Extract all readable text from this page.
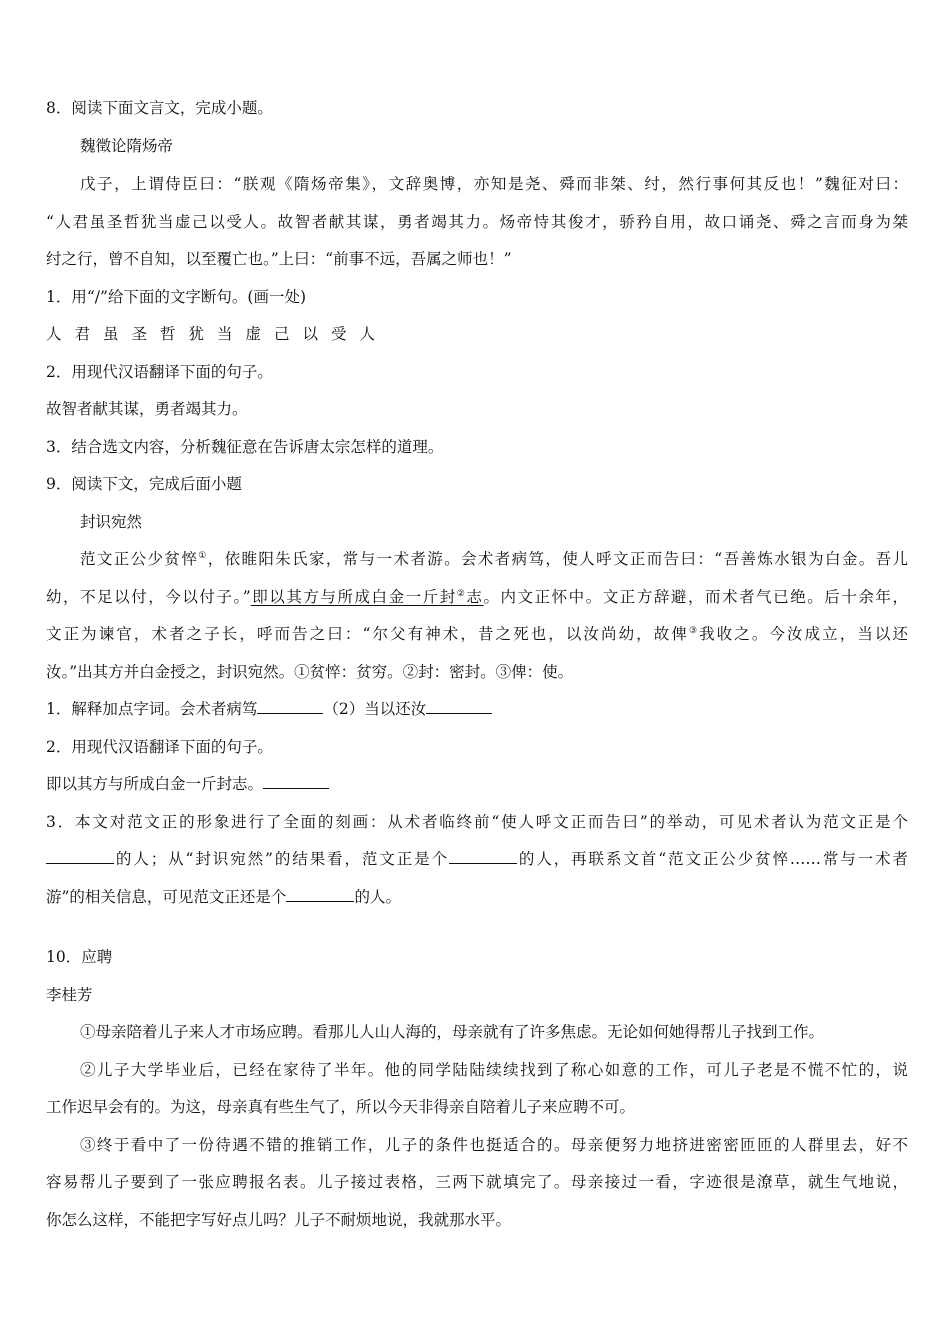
8．阅读下面文言文，完成小题。
魏徵论隋炀帝
戊子，上谓侍臣曰：“朕观《隋炀帝集》，文辞奥博，亦知是尧、舜而非桀、纣，然行事何其反也！”魏征对曰：
“人君虽圣哲犹当虚己以受人。故智者献其谋，勇者竭其力。炀帝恃其俊才，骄矜自用，故口诵尧、舜之言而身为桀
纣之行，曾不自知，以至覆亡也。”上曰：“前事不远，吾属之师也！”
1．用“/”给下面的文字断句。(画一处)
人君虽圣哲犹当虚己以受人
2．用现代汉语翻译下面的句子。
故智者献其谋，勇者竭其力。
3．结合选文内容，分析魏征意在告诉唐太宗怎样的道理。
9．阅读下文，完成后面小题
封识宛然
范文正公少贫悴①，依睢阳朱氏家，常与一术者游。会术者病笃，使人呼文正而告曰：“吾善炼水银为白金。吾儿
幼，不足以付，今以付子。”即以其方与所成白金一斤封②志。内文正怀中。文正方辞避，而术者气已绝。后十余年，
文正为谏官，术者之子长，呼而告之曰：“尔父有神术，昔之死也，以汝尚幼，故俾③我收之。今汝成立，当以还
汝。”出其方并白金授之，封识宛然。①贫悴：贫穷。②封：密封。③俾：使。
1．解释加点字词。会术者病笃	（2）当以还汝
2．用现代汉语翻译下面的句子。
即以其方与所成白金一斤封志。
3．本文对范文正的形象进行了全面的刻画：从术者临终前“使人呼文正而告曰”的举动，可见术者认为范文正是个
的人；从“封识宛然”的结果看，范文正是个	的人，再联系文首“范文正公少贫悴……常与一术者
游”的相关信息，可见范文正还是个	的人。
10．应聘
李桂芳
①母亲陪着儿子来人才市场应聘。看那儿人山人海的，母亲就有了许多焦虑。无论如何她得帮儿子找到工作。
②儿子大学毕业后，已经在家待了半年。他的同学陆陆续续找到了称心如意的工作，可儿子老是不慌不忙的，说
工作迟早会有的。为这，母亲真有些生气了，所以今天非得亲自陪着儿子来应聘不可。
③终于看中了一份待遇不错的推销工作，儿子的条件也挺适合的。母亲便努力地挤进密密匝匝的人群里去，好不
容易帮儿子要到了一张应聘报名表。儿子接过表格，三两下就填完了。母亲接过一看，字迹很是潦草，就生气地说，
你怎么这样，不能把字写好点儿吗？儿子不耐烦地说，我就那水平。
